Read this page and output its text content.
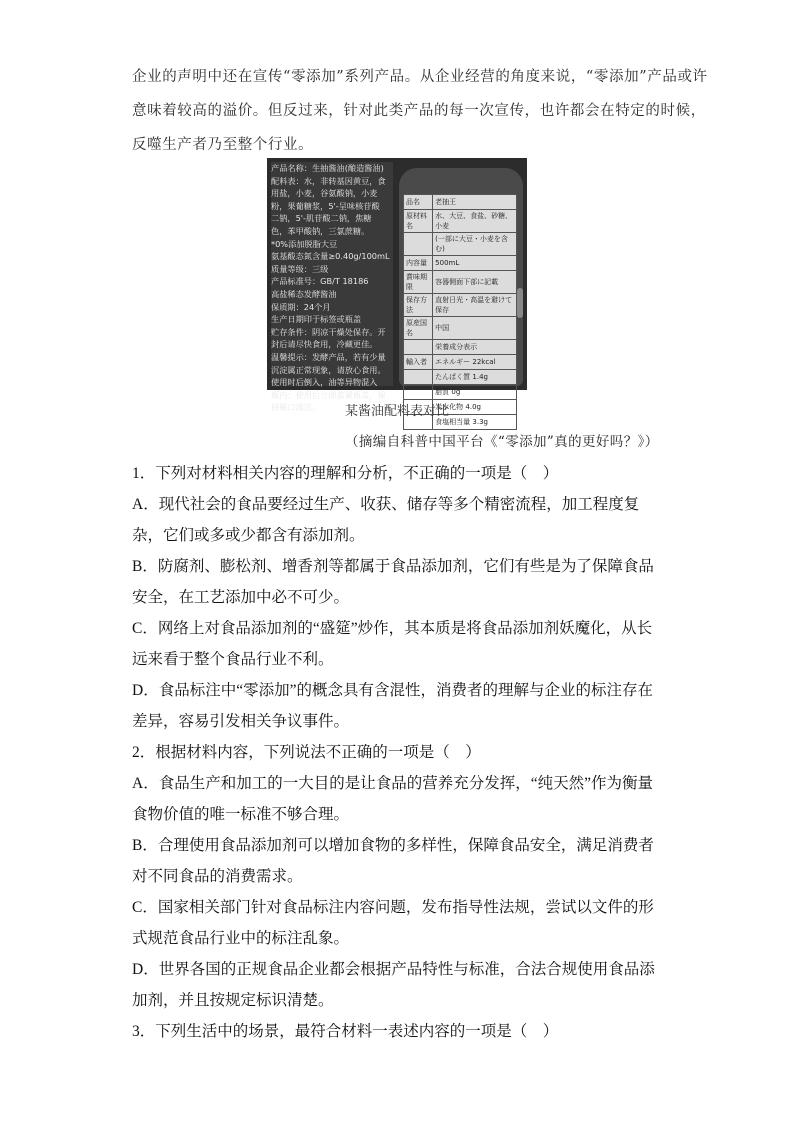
企业的声明中还在宣传“零添加”系列产品。从企业经营的角度来说，“零添加”产品或许

意味着较高的溢价。但反过来，针对此类产品的每一次宣传，也许都会在特定的时候，

反噬生产者乃至整个行业。

产品名称：生抽酱油(酿造酱油)
配料表：水，非转基因黄豆，食
用盐，小麦，谷氨酸钠，小麦
粉，果葡糖浆，5'-呈味核苷酸
二钠，5'-肌苷酸二钠，焦糖
色，苯甲酸钠，三氯蔗糖。
*0%添加脱脂大豆
氨基酸态氮含量≥0.40g/100mL
质量等级：三级
产品标准号：GB/T 18186
高盐稀态发酵酱油
保质期：24个月
生产日期印于标签或瓶盖
贮存条件：阴凉干燥处保存。开
封后请尽快食用，冷藏更佳。
温馨提示：发酵产品，若有少量
沉淀属正常现象，请放心食用。
使用时后倒入，油等异物混入
瓶内：使用后立即盖紧瓶盖，保
持瓶口清洁。
品名	老抽王
原材料名	水、大豆、食盐、砂糖、小麦
	(一部に大豆・小麦を含む)
内容量	500mL
賞味期限	容器側面下部に記載
保存方法	直射日光・高温を避けて保存
原産国名	中国
	栄養成分表示
輸入者	エネルギー 22kcal
	たんぱく質 1.4g
	脂質 0g
	炭水化物 4.0g
	食塩相当量 3.3g
某酱油配料表对比
（摘编自科普中国平台《“零添加”真的更好吗？》）

1．下列对材料相关内容的理解和分析，不正确的一项是（　）

A．现代社会的食品要经过生产、收获、储存等多个精密流程，加工程度复杂，它们或多或少都含有添加剂。

B．防腐剂、膨松剂、增香剂等都属于食品添加剂，它们有些是为了保障食品安全，在工艺添加中必不可少。

C．网络上对食品添加剂的“盛筵”炒作，其本质是将食品添加剂妖魔化，从长远来看于整个食品行业不利。

D．食品标注中“零添加”的概念具有含混性，消费者的理解与企业的标注存在差异，容易引发相关争议事件。

2．根据材料内容，下列说法不正确的一项是（　）

A．食品生产和加工的一大目的是让食品的营养充分发挥，“纯天然”作为衡量食物价值的唯一标准不够合理。

B．合理使用食品添加剂可以增加食物的多样性，保障食品安全，满足消费者对不同食品的消费需求。

C．国家相关部门针对食品标注内容问题，发布指导性法规，尝试以文件的形式规范食品行业中的标注乱象。

D．世界各国的正规食品企业都会根据产品特性与标准，合法合规使用食品添加剂，并且按规定标识清楚。

3．下列生活中的场景，最符合材料一表述内容的一项是（　）
